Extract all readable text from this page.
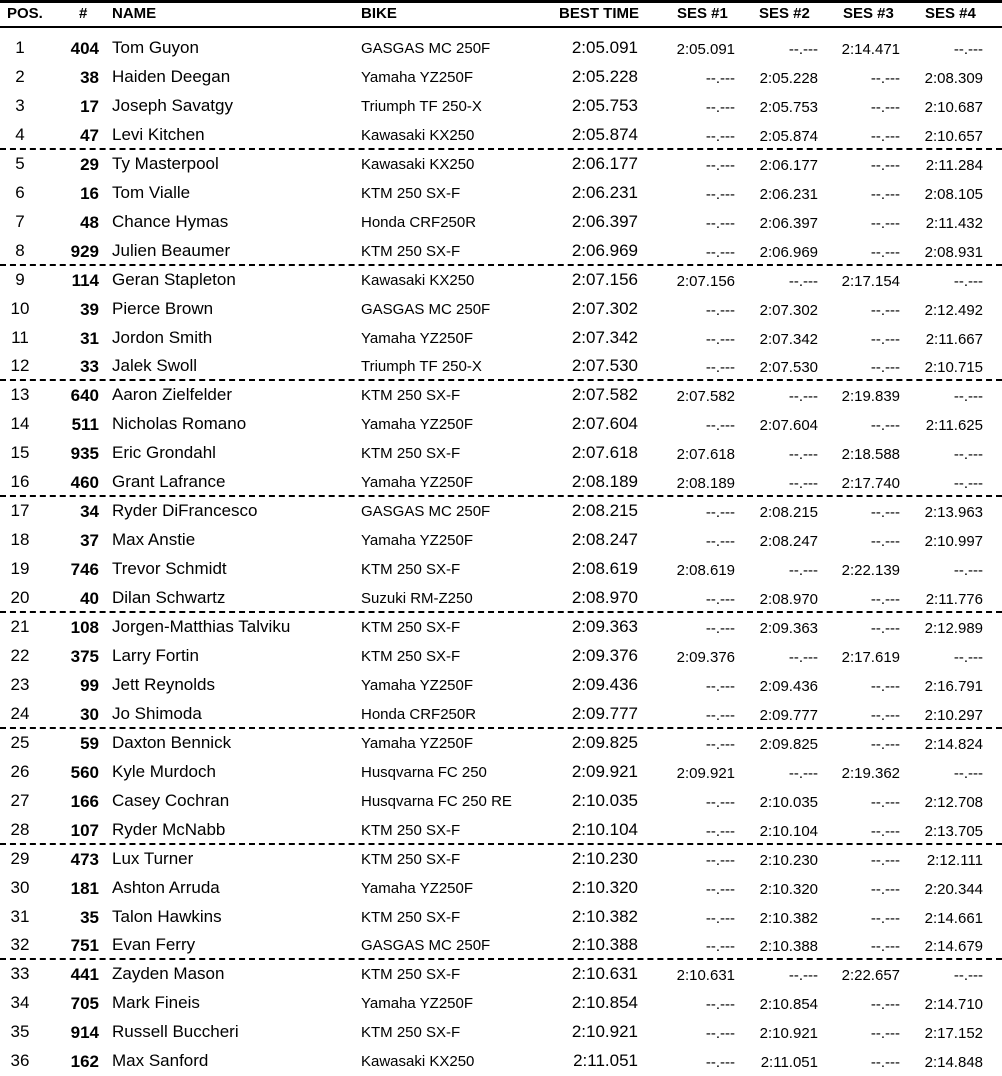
POS. # NAME	BIKE	BEST TIME	SES #1 SES #2 SES #3 SES #4
1	404 Tom Guyon	GASGAS MC 250F	2:05.091	2:05.091	--.---	2:14.471	--.---
2	38 Haiden Deegan	Yamaha YZ250F	2:05.228	--.---	2:05.228	--.---	2:08.309
3	17 Joseph Savatgy	Triumph TF 250-X	2:05.753	--.---	2:05.753	--.---	2:10.687
4	47 Levi Kitchen	Kawasaki KX250	2:05.874	--.---	2:05.874	--.---	2:10.657
5	29 Ty Masterpool	Kawasaki KX250	2:06.177	--.---	2:06.177	--.---	2:11.284
6	16 Tom Vialle	KTM 250 SX-F	2:06.231	--.---	2:06.231	--.---	2:08.105
7	48 Chance Hymas	Honda CRF250R	2:06.397	--.---	2:06.397	--.---	2:11.432
8	929 Julien Beaumer	KTM 250 SX-F	2:06.969	--.---	2:06.969	--.---	2:08.931
9	114 Geran Stapleton	Kawasaki KX250	2:07.156	2:07.156	--.---	2:17.154	--.---
10	39 Pierce Brown	GASGAS MC 250F	2:07.302	--.---	2:07.302	--.---	2:12.492
11	31 Jordon Smith	Yamaha YZ250F	2:07.342	--.---	2:07.342	--.---	2:11.667
12	33 Jalek Swoll	Triumph TF 250-X	2:07.530	--.---	2:07.530	--.---	2:10.715
13	640 Aaron Zielfelder	KTM 250 SX-F	2:07.582	2:07.582	--.---	2:19.839	--.---
14	511 Nicholas Romano	Yamaha YZ250F	2:07.604	--.---	2:07.604	--.---	2:11.625
15	935 Eric Grondahl	KTM 250 SX-F	2:07.618	2:07.618	--.---	2:18.588	--.---
16	460 Grant Lafrance	Yamaha YZ250F	2:08.189	2:08.189	--.---	2:17.740	--.---
17	34 Ryder DiFrancesco	GASGAS MC 250F	2:08.215	--.---	2:08.215	--.---	2:13.963
18	37 Max Anstie	Yamaha YZ250F	2:08.247	--.---	2:08.247	--.---	2:10.997
19	746 Trevor Schmidt	KTM 250 SX-F	2:08.619	2:08.619	--.---	2:22.139	--.---
20	40 Dilan Schwartz	Suzuki RM-Z250	2:08.970	--.---	2:08.970	--.---	2:11.776
21	108 Jorgen-Matthias Talviku	KTM 250 SX-F	2:09.363	--.---	2:09.363	--.---	2:12.989
22	375 Larry Fortin	KTM 250 SX-F	2:09.376	2:09.376	--.---	2:17.619	--.---
23	99 Jett Reynolds	Yamaha YZ250F	2:09.436	--.---	2:09.436	--.---	2:16.791
24	30 Jo Shimoda	Honda CRF250R	2:09.777	--.---	2:09.777	--.---	2:10.297
25	59 Daxton Bennick	Yamaha YZ250F	2:09.825	--.---	2:09.825	--.---	2:14.824
26	560 Kyle Murdoch	Husqvarna FC 250	2:09.921	2:09.921	--.---	2:19.362	--.---
27	166 Casey Cochran	Husqvarna FC 250 RE	2:10.035	--.---	2:10.035	--.---	2:12.708
28	107 Ryder McNabb	KTM 250 SX-F	2:10.104	--.---	2:10.104	--.---	2:13.705
29	473 Lux Turner	KTM 250 SX-F	2:10.230	--.---	2:10.230	--.---	2:12.111
30	181 Ashton Arruda	Yamaha YZ250F	2:10.320	--.---	2:10.320	--.---	2:20.344
31	35 Talon Hawkins	KTM 250 SX-F	2:10.382	--.---	2:10.382	--.---	2:14.661
32	751 Evan Ferry	GASGAS MC 250F	2:10.388	--.---	2:10.388	--.---	2:14.679
33	441 Zayden Mason	KTM 250 SX-F	2:10.631	2:10.631	--.---	2:22.657	--.---
34	705 Mark Fineis	Yamaha YZ250F	2:10.854	--.---	2:10.854	--.---	2:14.710
35	914 Russell Buccheri	KTM 250 SX-F	2:10.921	--.---	2:10.921	--.---	2:17.152
36	162 Max Sanford	Kawasaki KX250	2:11.051	--.---	2:11.051	--.---	2:14.848
